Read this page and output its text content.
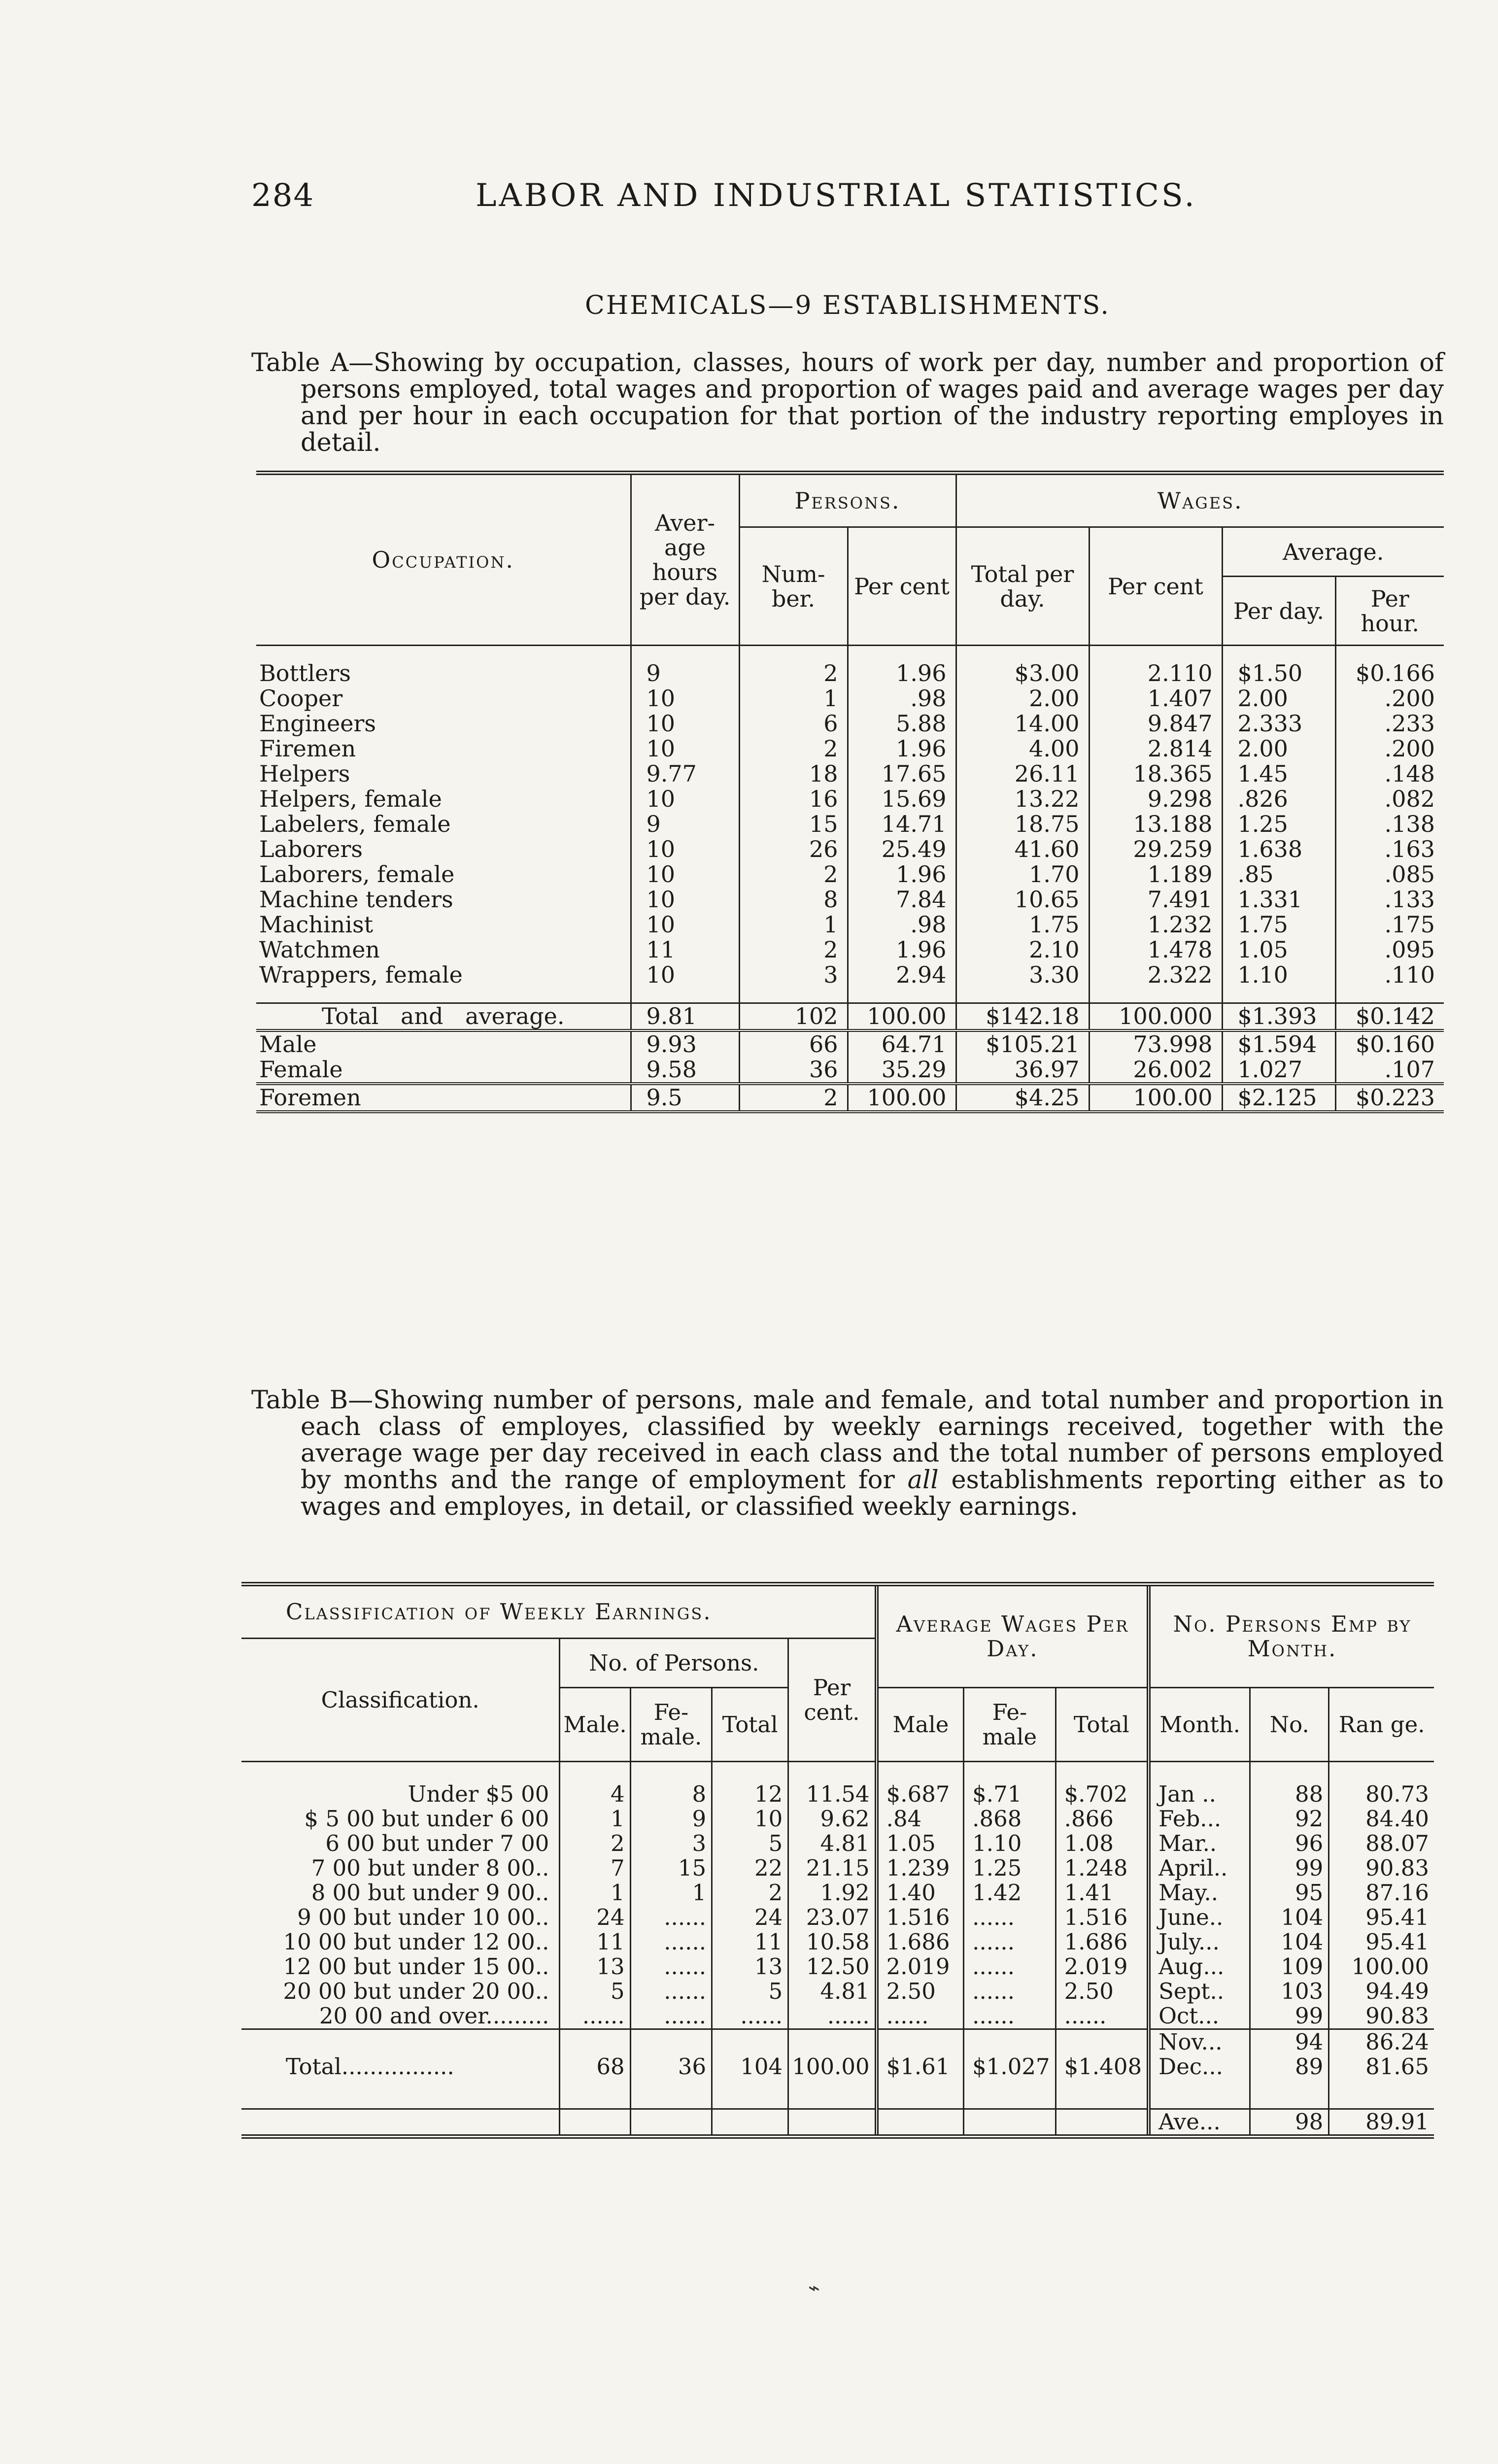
284	LABOR AND INDUSTRIAL STATISTICS.
CHEMICALS—9 ESTABLISHMENTS.

Table A—Showing by occupation, classes, hours of work per day, number and proportion of persons employed, total wages and proportion of wages paid and average wages per day and per hour in each occupation for that portion of the industry reporting employes in detail.

Occupation.	Aver- age hours per day.	Persons.		Wages.			
		Num- ber.	Per cent	Total per day.	Per cent	Average.	
						Per day.	Per hour.

Bottlers	9	2	1.96	$3.00	2.110	$1.50	$0.166
Cooper	10	1	.98	2.00	1.407	2.00	.200
Engineers	10	6	5.88	14.00	9.847	2.333	.233
Firemen	10	2	1.96	4.00	2.814	2.00	.200
Helpers	9.77	18	17.65	26.11	18.365	1.45	.148
Helpers, female	10	16	15.69	13.22	9.298	.826	.082
Labelers, female	9	15	14.71	18.75	13.188	1.25	.138
Laborers	10	26	25.49	41.60	29.259	1.638	.163
Laborers, female	10	2	1.96	1.70	1.189	.85	.085
Machine tenders	10	8	7.84	10.65	7.491	1.331	.133
Machinist	10	1	.98	1.75	1.232	1.75	.175
Watchmen	11	2	1.96	2.10	1.478	1.05	.095
Wrappers, female	10	3	2.94	3.30	2.322	1.10	.110

Total and average.	9.81	102	100.00	$142.18	100.000	$1.393	$0.142
Male	9.93	66	64.71	$105.21	73.998	$1.594	$0.160
Female	9.58	36	35.29	36.97	26.002	1.027	.107
Foremen	9.5	2	100.00	$4.25	100.00	$2.125	$0.223

Table B—Showing number of persons, male and female, and total number and proportion in each class of employes, classified by weekly earnings received, together with the average wage per day received in each class and the total number of persons employed by months and the range of employment for all establishments reporting either as to wages and employes, in detail, or classified weekly earnings.

Classification of Weekly Earnings.					Average Wages Per Day.			No. Persons Emp by Month.		
Classification.	No. of Persons.			Per cent.						
	Male.	Fe- male.	Total		Male	Fe- male	Total	Month.	No.	Ran ge.

Under $5 00	4	8	12	11.54	$.687	$.71	$.702	Jan ..	88	80.73
$ 5 00 but under 6 00	1	9	10	9.62	.84	.868	.866	Feb...	92	84.40
6 00 but under 7 00	2	3	5	4.81	1.05	1.10	1.08	Mar..	96	88.07
7 00 but under 8 00..	7	15	22	21.15	1.239	1.25	1.248	April..	99	90.83
8 00 but under 9 00..	1	1	2	1.92	1.40	1.42	1.41	May..	95	87.16
9 00 but under 10 00..	24	......	24	23.07	1.516	......	1.516	June..	104	95.41
10 00 but under 12 00..	11	......	11	10.58	1.686	......	1.686	July...	104	95.41
12 00 but under 15 00..	13	......	13	12.50	2.019	......	2.019	Aug...	109	100.00
20 00 but under 20 00..	5	......	5	4.81	2.50	......	2.50	Sept..	103	94.49
20 00 and over.........	......	......	......	......	......	......	......	Oct...	99	90.83
								Nov...	94	86.24
Total................	68	36	104	100.00	$1.61	$1.027	$1.408	Dec...	89	81.65

								Ave...	98	89.91
⌁
